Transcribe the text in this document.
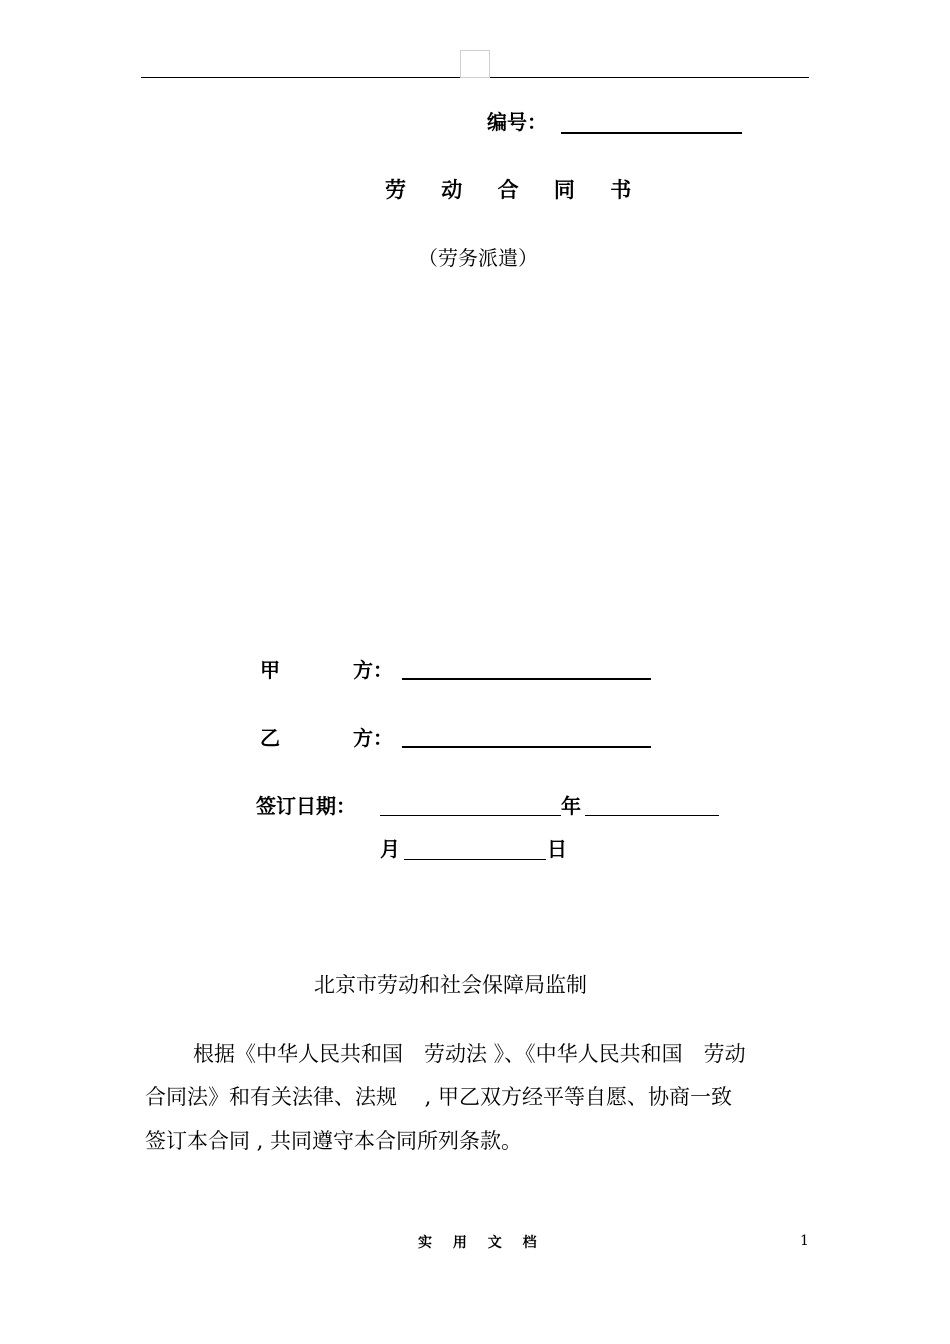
编号：
劳 动 合 同 书
（劳务派遣）
甲	方：
乙	方：
签订日期：	年
月	日
北京市劳动和社会保障局监制
根据《中华人民共和国　劳动法 》、《中华人民共和国　劳动
合同法》和有关法律、法规　 , 甲乙双方经平等自愿、协商一致
签订本合同 , 共同遵守本合同所列条款。
实 用 文 档	1
